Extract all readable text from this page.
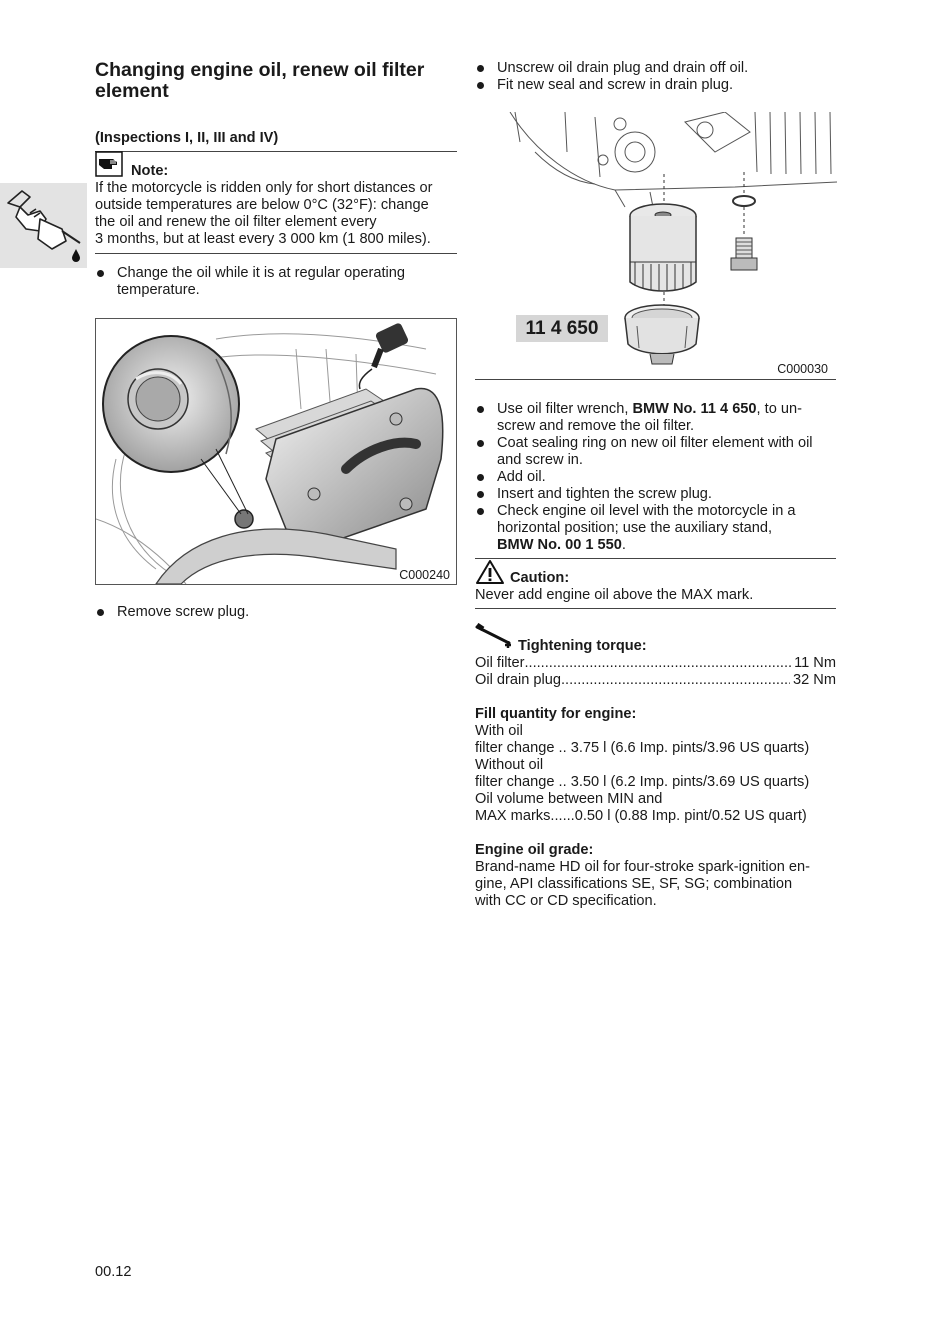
Changing engine oil, renew oil filter
element
(Inspections I, II, III and IV)
Note:
If the motorcycle is ridden only for short distances or
outside temperatures are below 0°C (32°F): change
the oil and renew the oil filter element every
3 months, but at least every 3 000 km (1 800 miles).
Change the oil while it is at regular operating
temperature.
C000240
Remove screw plug.
Unscrew oil drain plug and drain off oil.
Fit new seal and screw in drain plug.
11 4 650
C000030
Use oil filter wrench, BMW No. 11 4 650, to un-
screw and remove the oil filter.
Coat sealing ring on new oil filter element with oil
and screw in.
Add oil.
Insert and tighten the screw plug.
Check engine oil level with the motorcycle in a
horizontal position; use the auxiliary stand,
BMW No. 00 1 550.
Caution:
Never add engine oil above the MAX mark.
Tightening torque:
Oil filter .....	11 Nm
Oil drain plug .....	32 Nm
Fill quantity for engine:
With oil
filter change .. 3.75 l (6.6 Imp. pints/3.96 US quarts)
Without oil
filter change .. 3.50 l (6.2 Imp. pints/3.69 US quarts)
Oil volume between MIN and
MAX marks......0.50 l (0.88 Imp. pint/0.52 US quart)
Engine oil grade:
Brand-name HD oil for four-stroke spark-ignition en-
gine, API classifications SE, SF, SG; combination
with CC or CD specification.
00.12
